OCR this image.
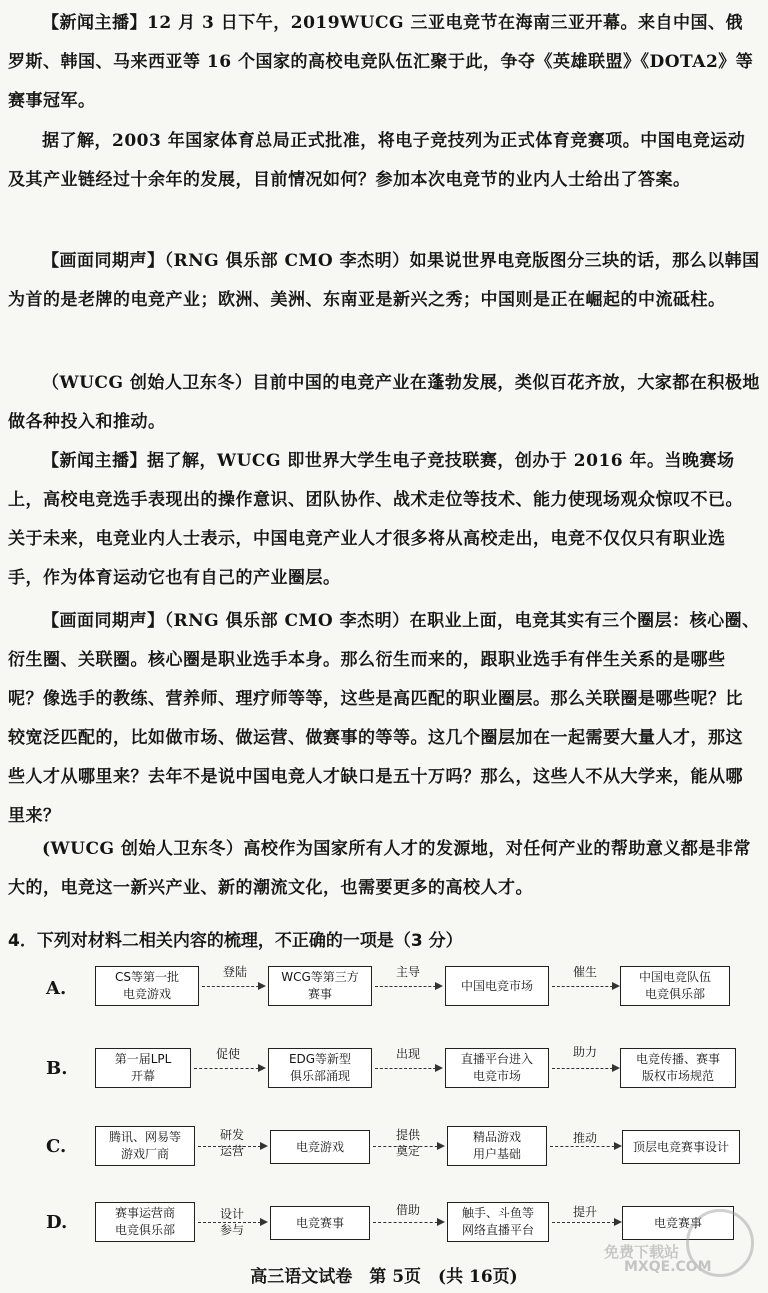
【新闻主播】12 月 3 日下午，2019WUCG 三亚电竞节在海南三亚开幕。来自中国、俄罗斯、韩国、马来西亚等 16 个国家的高校电竞队伍汇聚于此，争夺《英雄联盟》《DOTA2》等赛事冠军。
据了解，2003 年国家体育总局正式批准，将电子竞技列为正式体育竞赛项。中国电竞运动及其产业链经过十余年的发展，目前情况如何？参加本次电竞节的业内人士给出了答案。
【画面同期声】（RNG 俱乐部 CMO 李杰明）如果说世界电竞版图分三块的话，那么以韩国为首的是老牌的电竞产业；欧洲、美洲、东南亚是新兴之秀；中国则是正在崛起的中流砥柱。
（WUCG 创始人卫东冬）目前中国的电竞产业在蓬勃发展，类似百花齐放，大家都在积极地做各种投入和推动。
【新闻主播】据了解，WUCG 即世界大学生电子竞技联赛，创办于 2016 年。当晚赛场上，高校电竞选手表现出的操作意识、团队协作、战术走位等技术、能力使现场观众惊叹不已。关于未来，电竞业内人士表示，中国电竞产业人才很多将从高校走出，电竞不仅仅只有职业选手，作为体育运动它也有自己的产业圈层。
【画面同期声】（RNG 俱乐部 CMO 李杰明）在职业上面，电竞其实有三个圈层：核心圈、衍生圈、关联圈。核心圈是职业选手本身。那么衍生而来的，跟职业选手有伴生关系的是哪些呢？像选手的教练、营养师、理疗师等等，这些是高匹配的职业圈层。那么关联圈是哪些呢？比较宽泛匹配的，比如做市场、做运营、做赛事的等等。这几个圈层加在一起需要大量人才，那这些人才从哪里来？去年不是说中国电竞人才缺口是五十万吗？那么，这些人不从大学来，能从哪里来？
(WUCG 创始人卫东冬）高校作为国家所有人才的发源地，对任何产业的帮助意义都是非常大的，电竞这一新兴产业、新的潮流文化，也需要更多的高校人才。
4．下列对材料二相关内容的梳理，不正确的一项是（3 分）
A.
CS等第一批
电竞游戏
登陆	WCG等第三方
赛事
主导
中国电竞市场
催生	中国电竞队伍
电竞俱乐部
B.	第一届LPL
开幕
促使	EDG等新型
俱乐部涌现
出现	直播平台进入
电竞市场
助力	电竞传播、赛事
版权市场规范
C.	腾讯、网易等
游戏厂商
研发
运营	电竞游戏
提供
奠定
精品游戏
用户基础
推动
顶层电竞赛事设计
D.	赛事运营商
电竞俱乐部
设计
参与
电竞赛事
借助	触手、斗鱼等
网络直播平台
提升
电竞赛事
高三语文试卷　第 5页　(共 16页)
免费下载站
MXQE.COM
